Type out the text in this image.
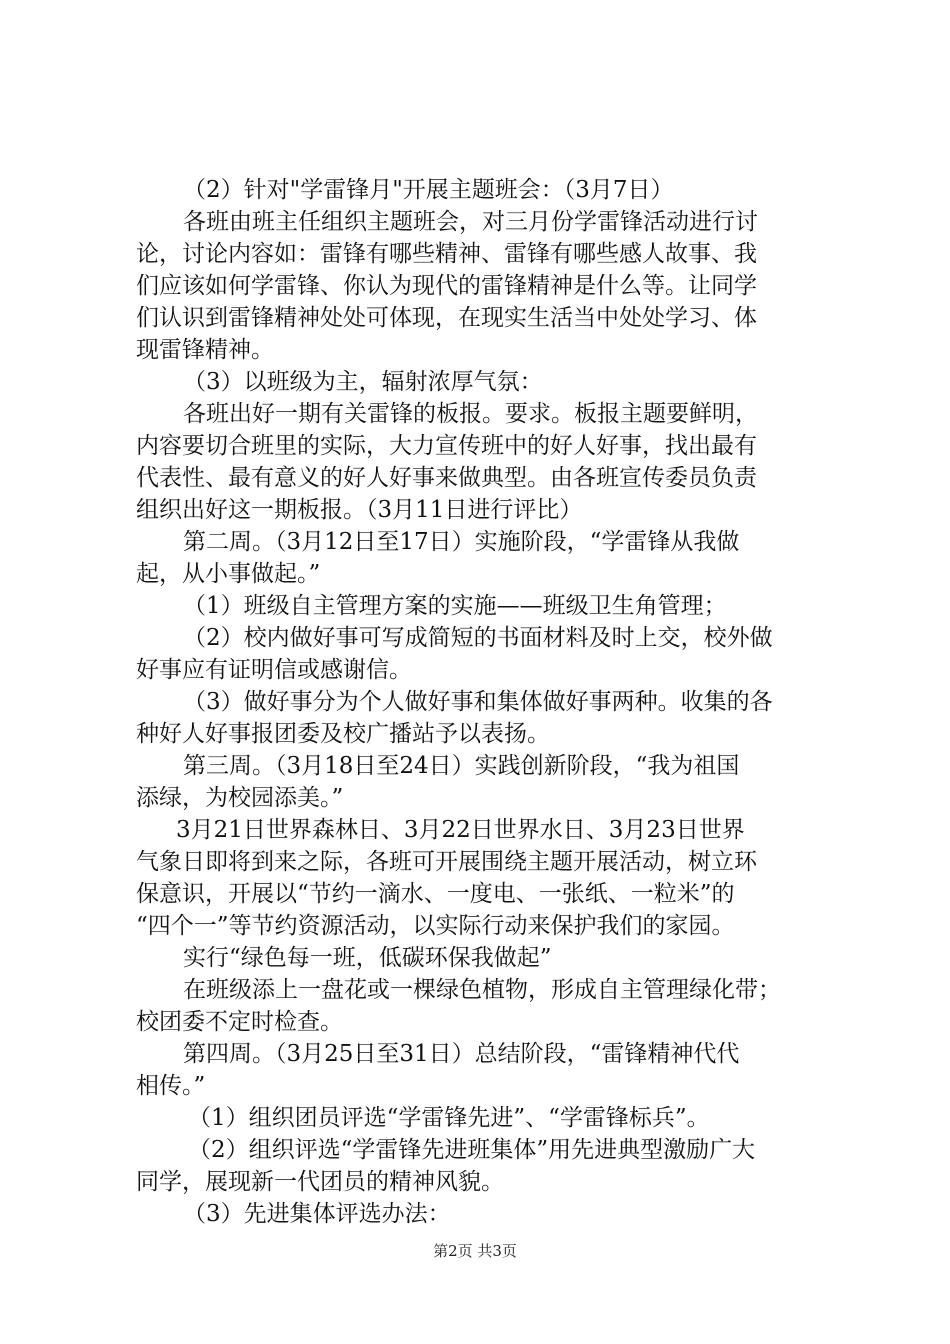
（2）针对"学雷锋月"开展主题班会：（3月7日）
各班由班主任组织主题班会，对三月份学雷锋活动进行讨
论，讨论内容如：雷锋有哪些精神、雷锋有哪些感人故事、我
们应该如何学雷锋、你认为现代的雷锋精神是什么等。让同学
们认识到雷锋精神处处可体现，在现实生活当中处处学习、体
现雷锋精神。
（3）以班级为主，辐射浓厚气氛：
各班出好一期有关雷锋的板报。要求。板报主题要鲜明，
内容要切合班里的实际，大力宣传班中的好人好事，找出最有
代表性、最有意义的好人好事来做典型。由各班宣传委员负责
组织出好这一期板报。（3月11日进行评比）
第二周。（3月12日至17日）实施阶段，“学雷锋从我做
起，从小事做起。”
（1）班级自主管理方案的实施——班级卫生角管理；
（2）校内做好事可写成简短的书面材料及时上交，校外做
好事应有证明信或感谢信。
（3）做好事分为个人做好事和集体做好事两种。收集的各
种好人好事报团委及校广播站予以表扬。
第三周。（3月18日至24日）实践创新阶段，“我为祖国
添绿，为校园添美。”
3月21日世界森林日、3月22日世界水日、3月23日世界
气象日即将到来之际，各班可开展围绕主题开展活动，树立环
保意识，开展以“节约一滴水、一度电、一张纸、一粒米”的
“四个一”等节约资源活动，以实际行动来保护我们的家园。
实行“绿色每一班，低碳环保我做起”
在班级添上一盘花或一棵绿色植物，形成自主管理绿化带；
校团委不定时检查。
第四周。（3月25日至31日）总结阶段，“雷锋精神代代
相传。”
（1）组织团员评选“学雷锋先进”、“学雷锋标兵”。
（2）组织评选“学雷锋先进班集体”用先进典型激励广大
同学，展现新一代团员的精神风貌。
（3）先进集体评选办法：
第2页 共3页
